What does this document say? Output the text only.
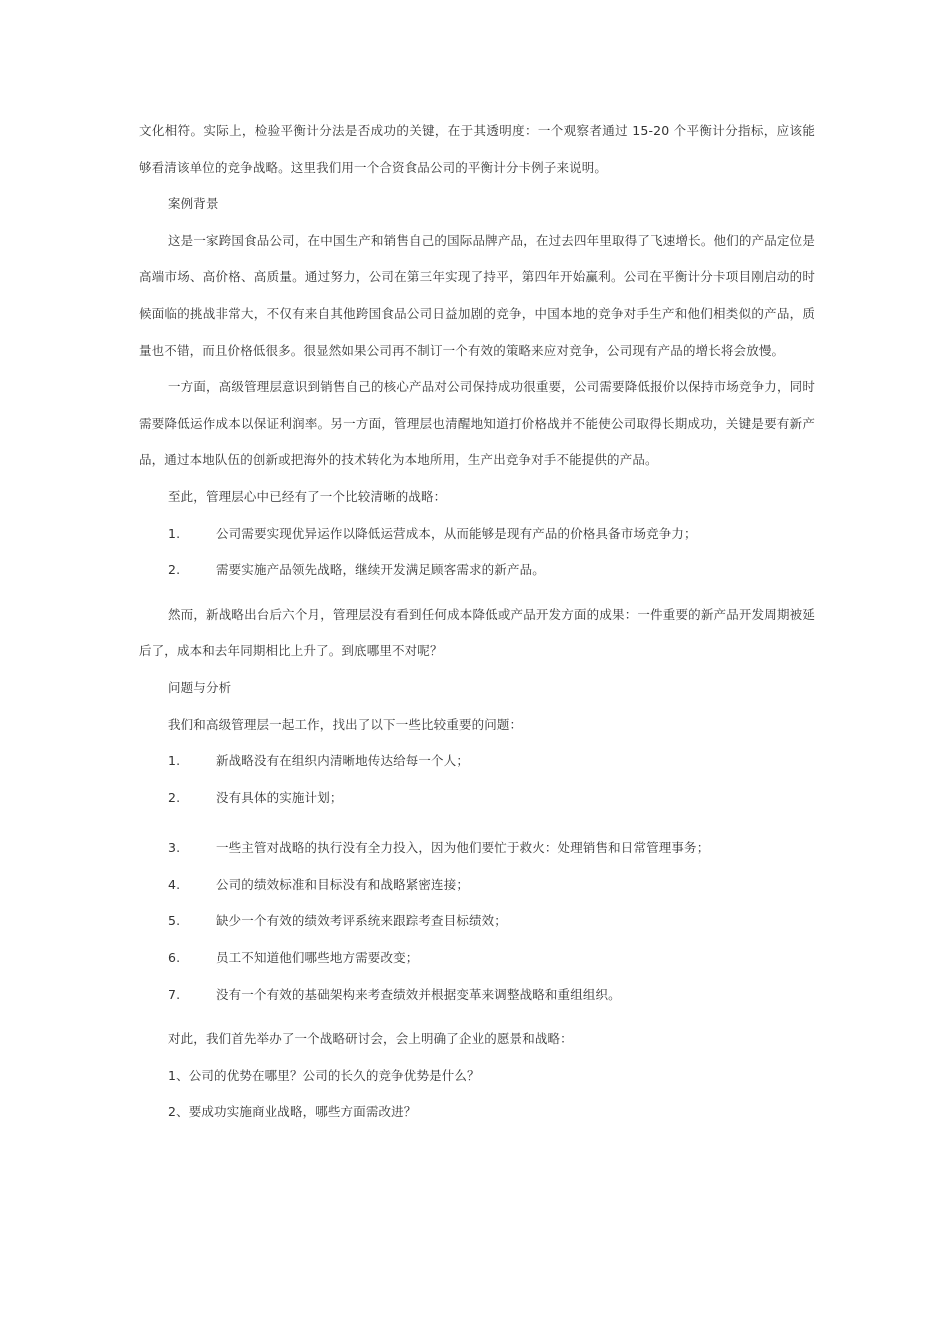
文化相符。实际上，检验平衡计分法是否成功的关键，在于其透明度：一个观察者通过 15-20 个平衡计分指标，应该能够看清该单位的竞争战略。这里我们用一个合资食品公司的平衡计分卡例子来说明。

案例背景

这是一家跨国食品公司，在中国生产和销售自己的国际品牌产品，在过去四年里取得了飞速增长。他们的产品定位是高端市场、高价格、高质量。通过努力，公司在第三年实现了持平，第四年开始赢利。公司在平衡计分卡项目刚启动的时候面临的挑战非常大，不仅有来自其他跨国食品公司日益加剧的竞争，中国本地的竞争对手生产和他们相类似的产品，质量也不错，而且价格低很多。很显然如果公司再不制订一个有效的策略来应对竞争，公司现有产品的增长将会放慢。

一方面，高级管理层意识到销售自己的核心产品对公司保持成功很重要，公司需要降低报价以保持市场竞争力，同时需要降低运作成本以保证利润率。另一方面，管理层也清醒地知道打价格战并不能使公司取得长期成功，关键是要有新产品，通过本地队伍的创新或把海外的技术转化为本地所用，生产出竞争对手不能提供的产品。

至此，管理层心中已经有了一个比较清晰的战略：

1.	公司需要实现优异运作以降低运营成本，从而能够是现有产品的价格具备市场竞争力；
2.	需要实施产品领先战略，继续开发满足顾客需求的新产品。

然而，新战略出台后六个月，管理层没有看到任何成本降低或产品开发方面的成果：一件重要的新产品开发周期被延后了，成本和去年同期相比上升了。到底哪里不对呢？

问题与分析

我们和高级管理层一起工作，找出了以下一些比较重要的问题：

1.	新战略没有在组织内清晰地传达给每一个人；
2.	没有具体的实施计划；
3.	一些主管对战略的执行没有全力投入，因为他们要忙于救火：处理销售和日常管理事务；
4.	公司的绩效标准和目标没有和战略紧密连接；
5.	缺少一个有效的绩效考评系统来跟踪考查目标绩效；
6.	员工不知道他们哪些地方需要改变；
7.	没有一个有效的基础架构来考查绩效并根据变革来调整战略和重组组织。

对此，我们首先举办了一个战略研讨会，会上明确了企业的愿景和战略：

1、公司的优势在哪里？公司的长久的竞争优势是什么？

2、要成功实施商业战略，哪些方面需改进？
